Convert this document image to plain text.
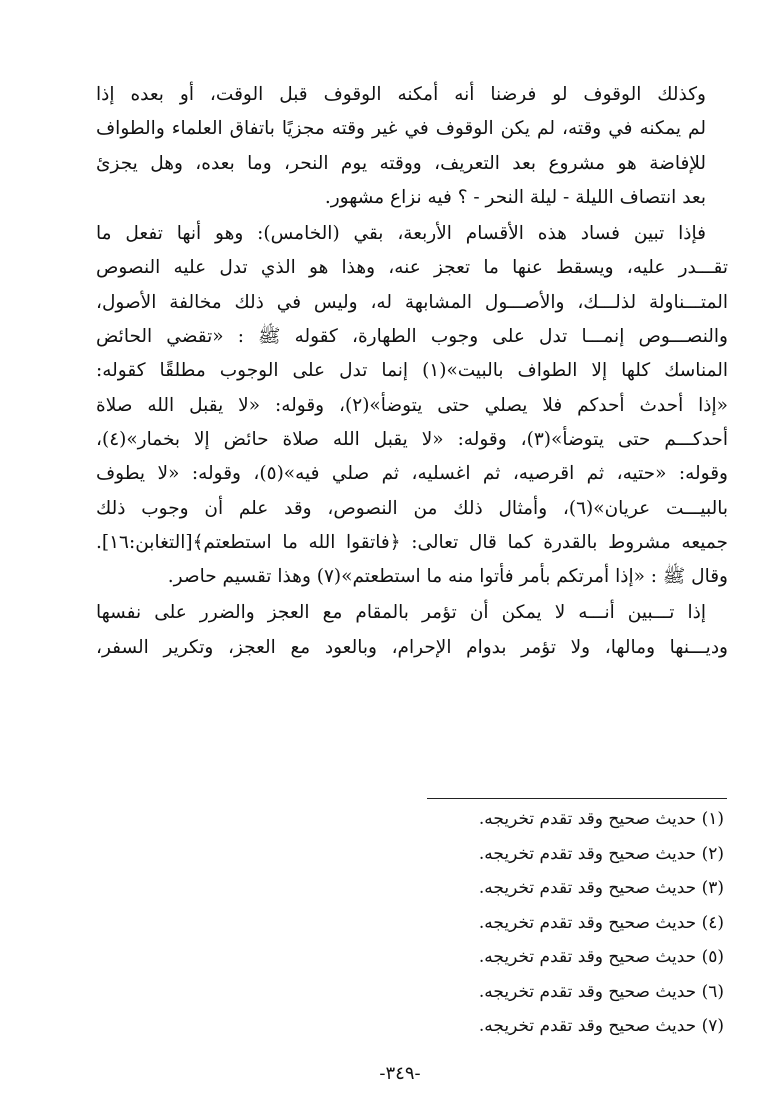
وكذلك الوقوف لو فرضنا أنه أمكنه الوقوف قبل الوقت، أو بعده إذا
لم يمكنه في وقته، لم يكن الوقوف في غير وقته مجزيًا باتفاق العلماء والطواف
للإفاضة هو مشروع بعد التعريف، ووقته يوم النحر، وما بعده، وهل يجزئ
بعد انتصاف الليلة - ليلة النحر - ؟ فيه نزاع مشهور.

فإذا تبين فساد هذه الأقسام الأربعة، بقي (الخامس): وهو أنها تفعل ما
تقـــدر عليه، ويسقط عنها ما تعجز عنه، وهذا هو الذي تدل عليه النصوص
المتـــناولة لذلـــك، والأصـــول المشابهة له، وليس في ذلك مخالفة الأصول،
والنصـــوص إنمـــا تدل على وجوب الطهارة، كقوله ﷺ : «تقضي الحائض
المناسك كلها إلا الطواف بالبيت»(١) إنما تدل على الوجوب مطلقًا كقوله:
«إذا أحدث أحدكم فلا يصلي حتى يتوضأ»(٢)، وقوله: «لا يقبل الله صلاة
أحدكـــم حتى يتوضأ»(٣)، وقوله: «لا يقبل الله صلاة حائض إلا بخمار»(٤)،
وقوله: «حتيه، ثم اقرصيه، ثم اغسليه، ثم صلي فيه»(٥)، وقوله: «لا يطوف
بالبيـــت عريان»(٦)، وأمثال ذلك من النصوص، وقد علم أن وجوب ذلك
جميعه مشروط بالقدرة كما قال تعالى: ﴿فاتقوا الله ما استطعتم﴾[التغابن:١٦].
وقال ﷺ : «إذا أمرتكم بأمر فأتوا منه ما استطعتم»(٧) وهذا تقسيم حاصر.

إذا تـــبين أنـــه لا يمكن أن تؤمر بالمقام مع العجز والضرر على نفسها
وديـــنها ومالها، ولا تؤمر بدوام الإحرام، وبالعود مع العجز، وتكرير السفر،

(١) حديث صحيح وقد تقدم تخريجه.
(٢) حديث صحيح وقد تقدم تخريجه.
(٣) حديث صحيح وقد تقدم تخريجه.
(٤) حديث صحيح وقد تقدم تخريجه.
(٥) حديث صحيح وقد تقدم تخريجه.
(٦) حديث صحيح وقد تقدم تخريجه.
(٧) حديث صحيح وقد تقدم تخريجه.
-٣٤٩-
